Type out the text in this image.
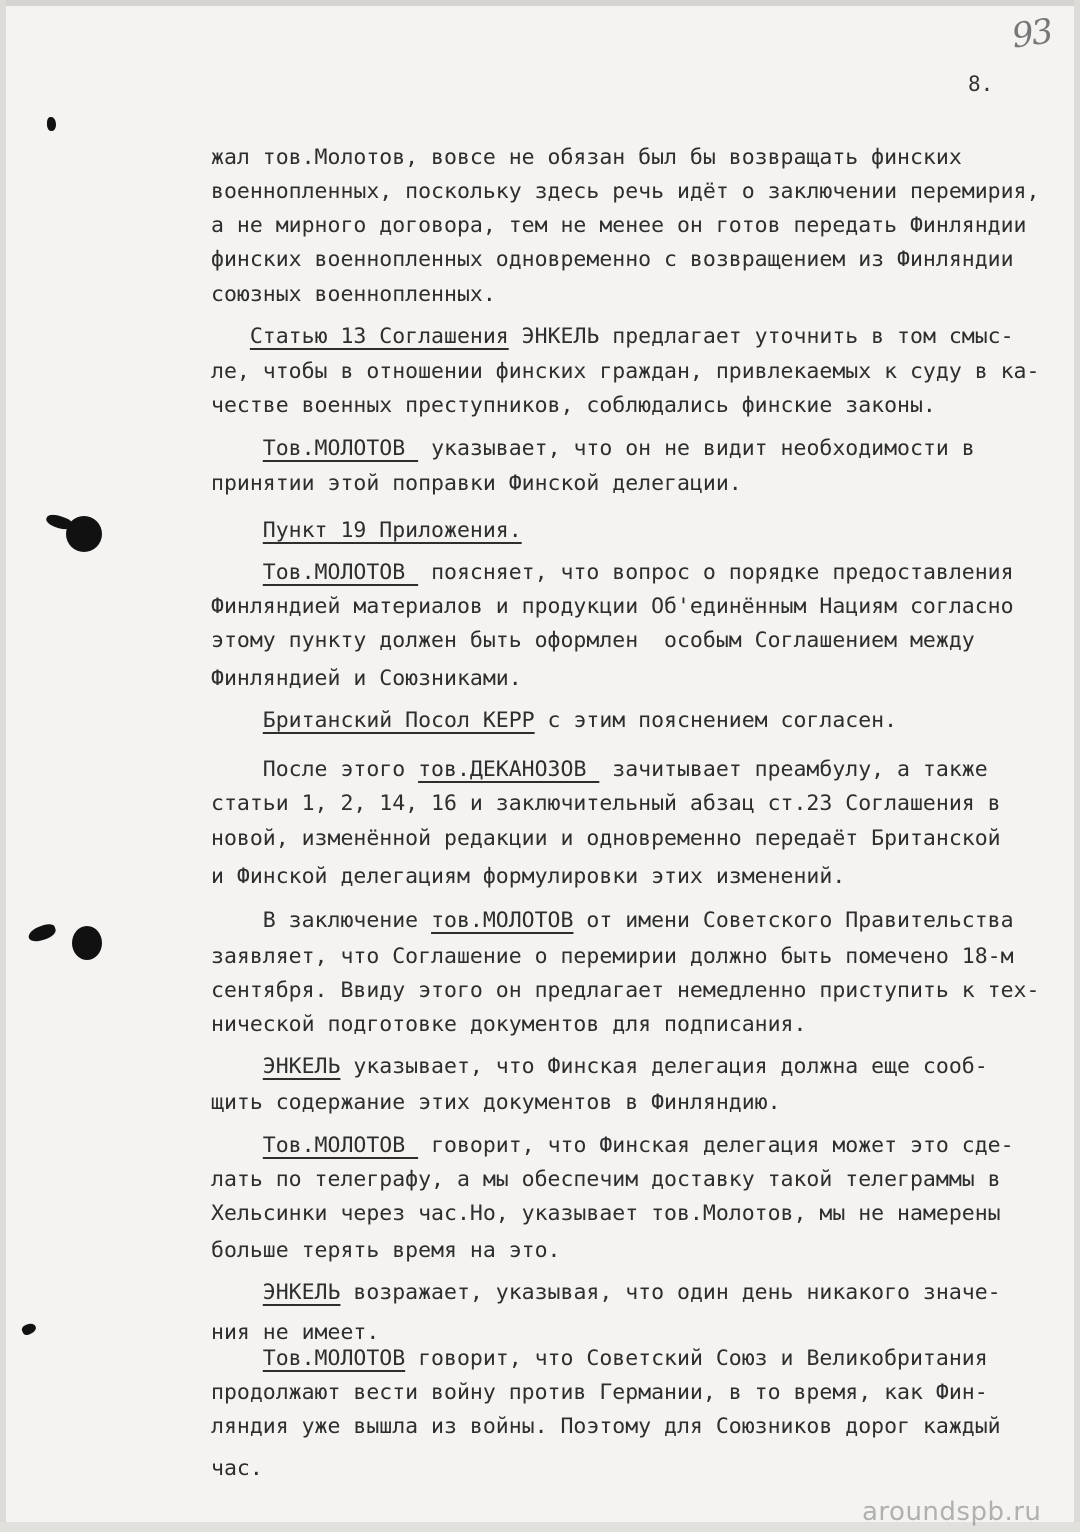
93
8.
жал тов.Молотов, вовсе не обязан был бы возвращать финских
военнопленных, поскольку здесь речь идёт о заключении перемирия,
а не мирного договора, тем не менее он готов передать Финляндии
финских военнопленных одновременно с возвращением из Финляндии
союзных военнопленных.
Статью 13 Соглашения ЭНКЕЛЬ предлагает уточнить в том смыс-
ле, чтобы в отношении финских граждан, привлекаемых к суду в ка-
честве военных преступников, соблюдались финские законы.
Тов.МОЛОТОВ  указывает, что он не видит необходимости в
принятии этой поправки Финской делегации.
Пункт 19 Приложения.
Тов.МОЛОТОВ  поясняет, что вопрос о порядке предоставления
Финляндией материалов и продукции Об'единённым Нациям согласно
этому пункту должен быть оформлен  особым Соглашением между
Финляндией и Союзниками.
Британский Посол КЕРР с этим пояснением согласен.
После этого тов.ДЕКАНОЗОВ  зачитывает преамбулу, а также
статьи 1, 2, 14, 16 и заключительный абзац ст.23 Соглашения в
новой, изменённой редакции и одновременно передаёт Британской
и Финской делегациям формулировки этих изменений.
В заключение тов.МОЛОТОВ от имени Советского Правительства
заявляет, что Соглашение о перемирии должно быть помечено 18-м
сентября. Ввиду этого он предлагает немедленно приступить к тех-
нической подготовке документов для подписания.
ЭНКЕЛЬ указывает, что Финская делегация должна еще сооб-
щить содержание этих документов в Финляндию.
Тов.МОЛОТОВ  говорит, что Финская делегация может это сде-
лать по телеграфу, а мы обеспечим доставку такой телеграммы в
Хельсинки через час.Но, указывает тов.Молотов, мы не намерены
больше терять время на это.
ЭНКЕЛЬ возражает, указывая, что один день никакого значе-
ния не имеет.
Тов.МОЛОТОВ говорит, что Советский Союз и Великобритания
продолжают вести войну против Германии, в то время, как Фин-
ляндия уже вышла из войны. Поэтому для Союзников дорог каждый
час.
aroundspb.ru
